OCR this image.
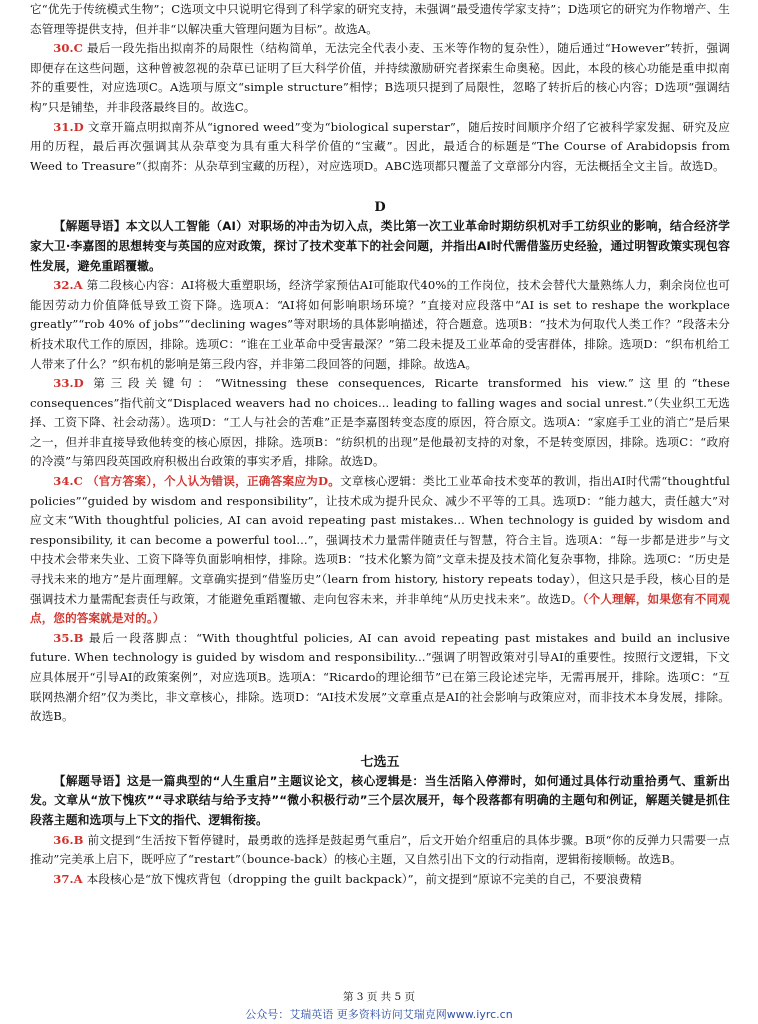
它“优先于传统模式生物”；C选项文中只说明它得到了科学家的研究支持，未强调“最受遗传学家支持”；D选项它的研究为作物增产、生态管理等提供支持，但并非“以解决重大管理问题为目标”。故选A。

30.C 最后一段先指出拟南芥的局限性（结构简单，无法完全代表小麦、玉米等作物的复杂性），随后通过“However”转折，强调即便存在这些问题，这种曾被忽视的杂草已证明了巨大科学价值，并持续激励研究者探索生命奥秘。因此，本段的核心功能是重申拟南芥的重要性，对应选项C。A选项与原文“simple structure”相悖；B选项只提到了局限性，忽略了转折后的核心内容；D选项“强调结构”只是铺垫，并非段落最终目的。故选C。

31.D 文章开篇点明拟南芥从“ignored weed”变为“biological superstar”，随后按时间顺序介绍了它被科学家发掘、研究及应用的历程，最后再次强调其从杂草变为具有重大科学价值的“宝藏”。因此，最适合的标题是“The Course of Arabidopsis from Weed to Treasure”（拟南芥：从杂草到宝藏的历程），对应选项D。ABC选项都只覆盖了文章部分内容，无法概括全文主旨。故选D。

D

【解题导语】本文以人工智能（AI）对职场的冲击为切入点，类比第一次工业革命时期纺织机对手工纺织业的影响，结合经济学家大卫·李嘉图的思想转变与英国的应对政策，探讨了技术变革下的社会问题，并指出AI时代需借鉴历史经验，通过明智政策实现包容性发展，避免重蹈覆辙。

32.A 第二段核心内容：AI将极大重塑职场，经济学家预估AI可能取代40%的工作岗位，技术会替代大量熟练人力，剩余岗位也可能因劳动力价值降低导致工资下降。选项A：“AI将如何影响职场环境？”直接对应段落中“AI is set to reshape the workplace greatly”“rob 40% of jobs”“declining wages”等对职场的具体影响描述，符合题意。选项B：“技术为何取代人类工作？”段落未分析技术取代工作的原因，排除。选项C：“谁在工业革命中受害最深？”第二段未提及工业革命的受害群体，排除。选项D：“织布机给工人带来了什么？”织布机的影响是第三段内容，并非第二段回答的问题，排除。故选A。

33.D 第三段关键句：“Witnessing these consequences, Ricarte transformed his view.”这里的“these consequences”指代前文“Displaced weavers had no choices... leading to falling wages and social unrest.”（失业织工无选择、工资下降、社会动荡）。选项D：“工人与社会的苦难”正是李嘉图转变态度的原因，符合原文。选项A：“家庭手工业的消亡”是后果之一，但并非直接导致他转变的核心原因，排除。选项B：“纺织机的出现”是他最初支持的对象，不是转变原因，排除。选项C：“政府的冷漠”与第四段英国政府积极出台政策的事实矛盾，排除。故选D。

34.C （官方答案），个人认为错误，正确答案应为D。文章核心逻辑：类比工业革命技术变革的教训，指出AI时代需“thoughtful policies”“guided by wisdom and responsibility”，让技术成为提升民众、减少不平等的工具。选项D：“能力越大，责任越大”对应文末“With thoughtful policies, AI can avoid repeating past mistakes... When technology is guided by wisdom and responsibility, it can become a powerful tool...”，强调技术力量需伴随责任与智慧，符合主旨。选项A：“每一步都是进步”与文中技术会带来失业、工资下降等负面影响相悖，排除。选项B：“技术化繁为简”文章未提及技术简化复杂事物，排除。选项C：“历史是寻找未来的地方”是片面理解。文章确实提到“借鉴历史”（learn from history, history repeats today），但这只是手段，核心目的是强调技术力量需配套责任与政策，才能避免重蹈覆辙、走向包容未来，并非单纯“从历史找未来”。故选D。（个人理解，如果您有不同观点，您的答案就是对的。）

35.B 最后一段落脚点：“With thoughtful policies, AI can avoid repeating past mistakes and build an inclusive future. When technology is guided by wisdom and responsibility...”强调了明智政策对引导AI的重要性。按照行文逻辑，下文应具体展开“引导AI的政策案例”，对应选项B。选项A：“Ricardo的理论细节”已在第三段论述完毕，无需再展开，排除。选项C：“互联网热潮介绍”仅为类比，非文章核心，排除。选项D：“AI技术发展”文章重点是AI的社会影响与政策应对，而非技术本身发展，排除。故选B。

七选五

【解题导语】这是一篇典型的“人生重启”主题议论文，核心逻辑是：当生活陷入停滞时，如何通过具体行动重拾勇气、重新出发。文章从“放下愧疚”“寻求联结与给予支持”“微小积极行动”三个层次展开，每个段落都有明确的主题句和例证，解题关键是抓住段落主题和选项与上下文的指代、逻辑衔接。

36.B 前文提到“生活按下暂停键时，最勇敢的选择是鼓起勇气重启”，后文开始介绍重启的具体步骤。B项“你的反弹力只需要一点推动”完美承上启下，既呼应了“restart”（bounce-back）的核心主题，又自然引出下文的行动指南，逻辑衔接顺畅。故选B。

37.A 本段核心是“放下愧疚背包（dropping the guilt backpack）”，前文提到“原谅不完美的自己，不要浪费精

第 3 页 共 5 页
公众号：艾瑞英语 更多资料访问艾瑞克网www.iyrc.cn
